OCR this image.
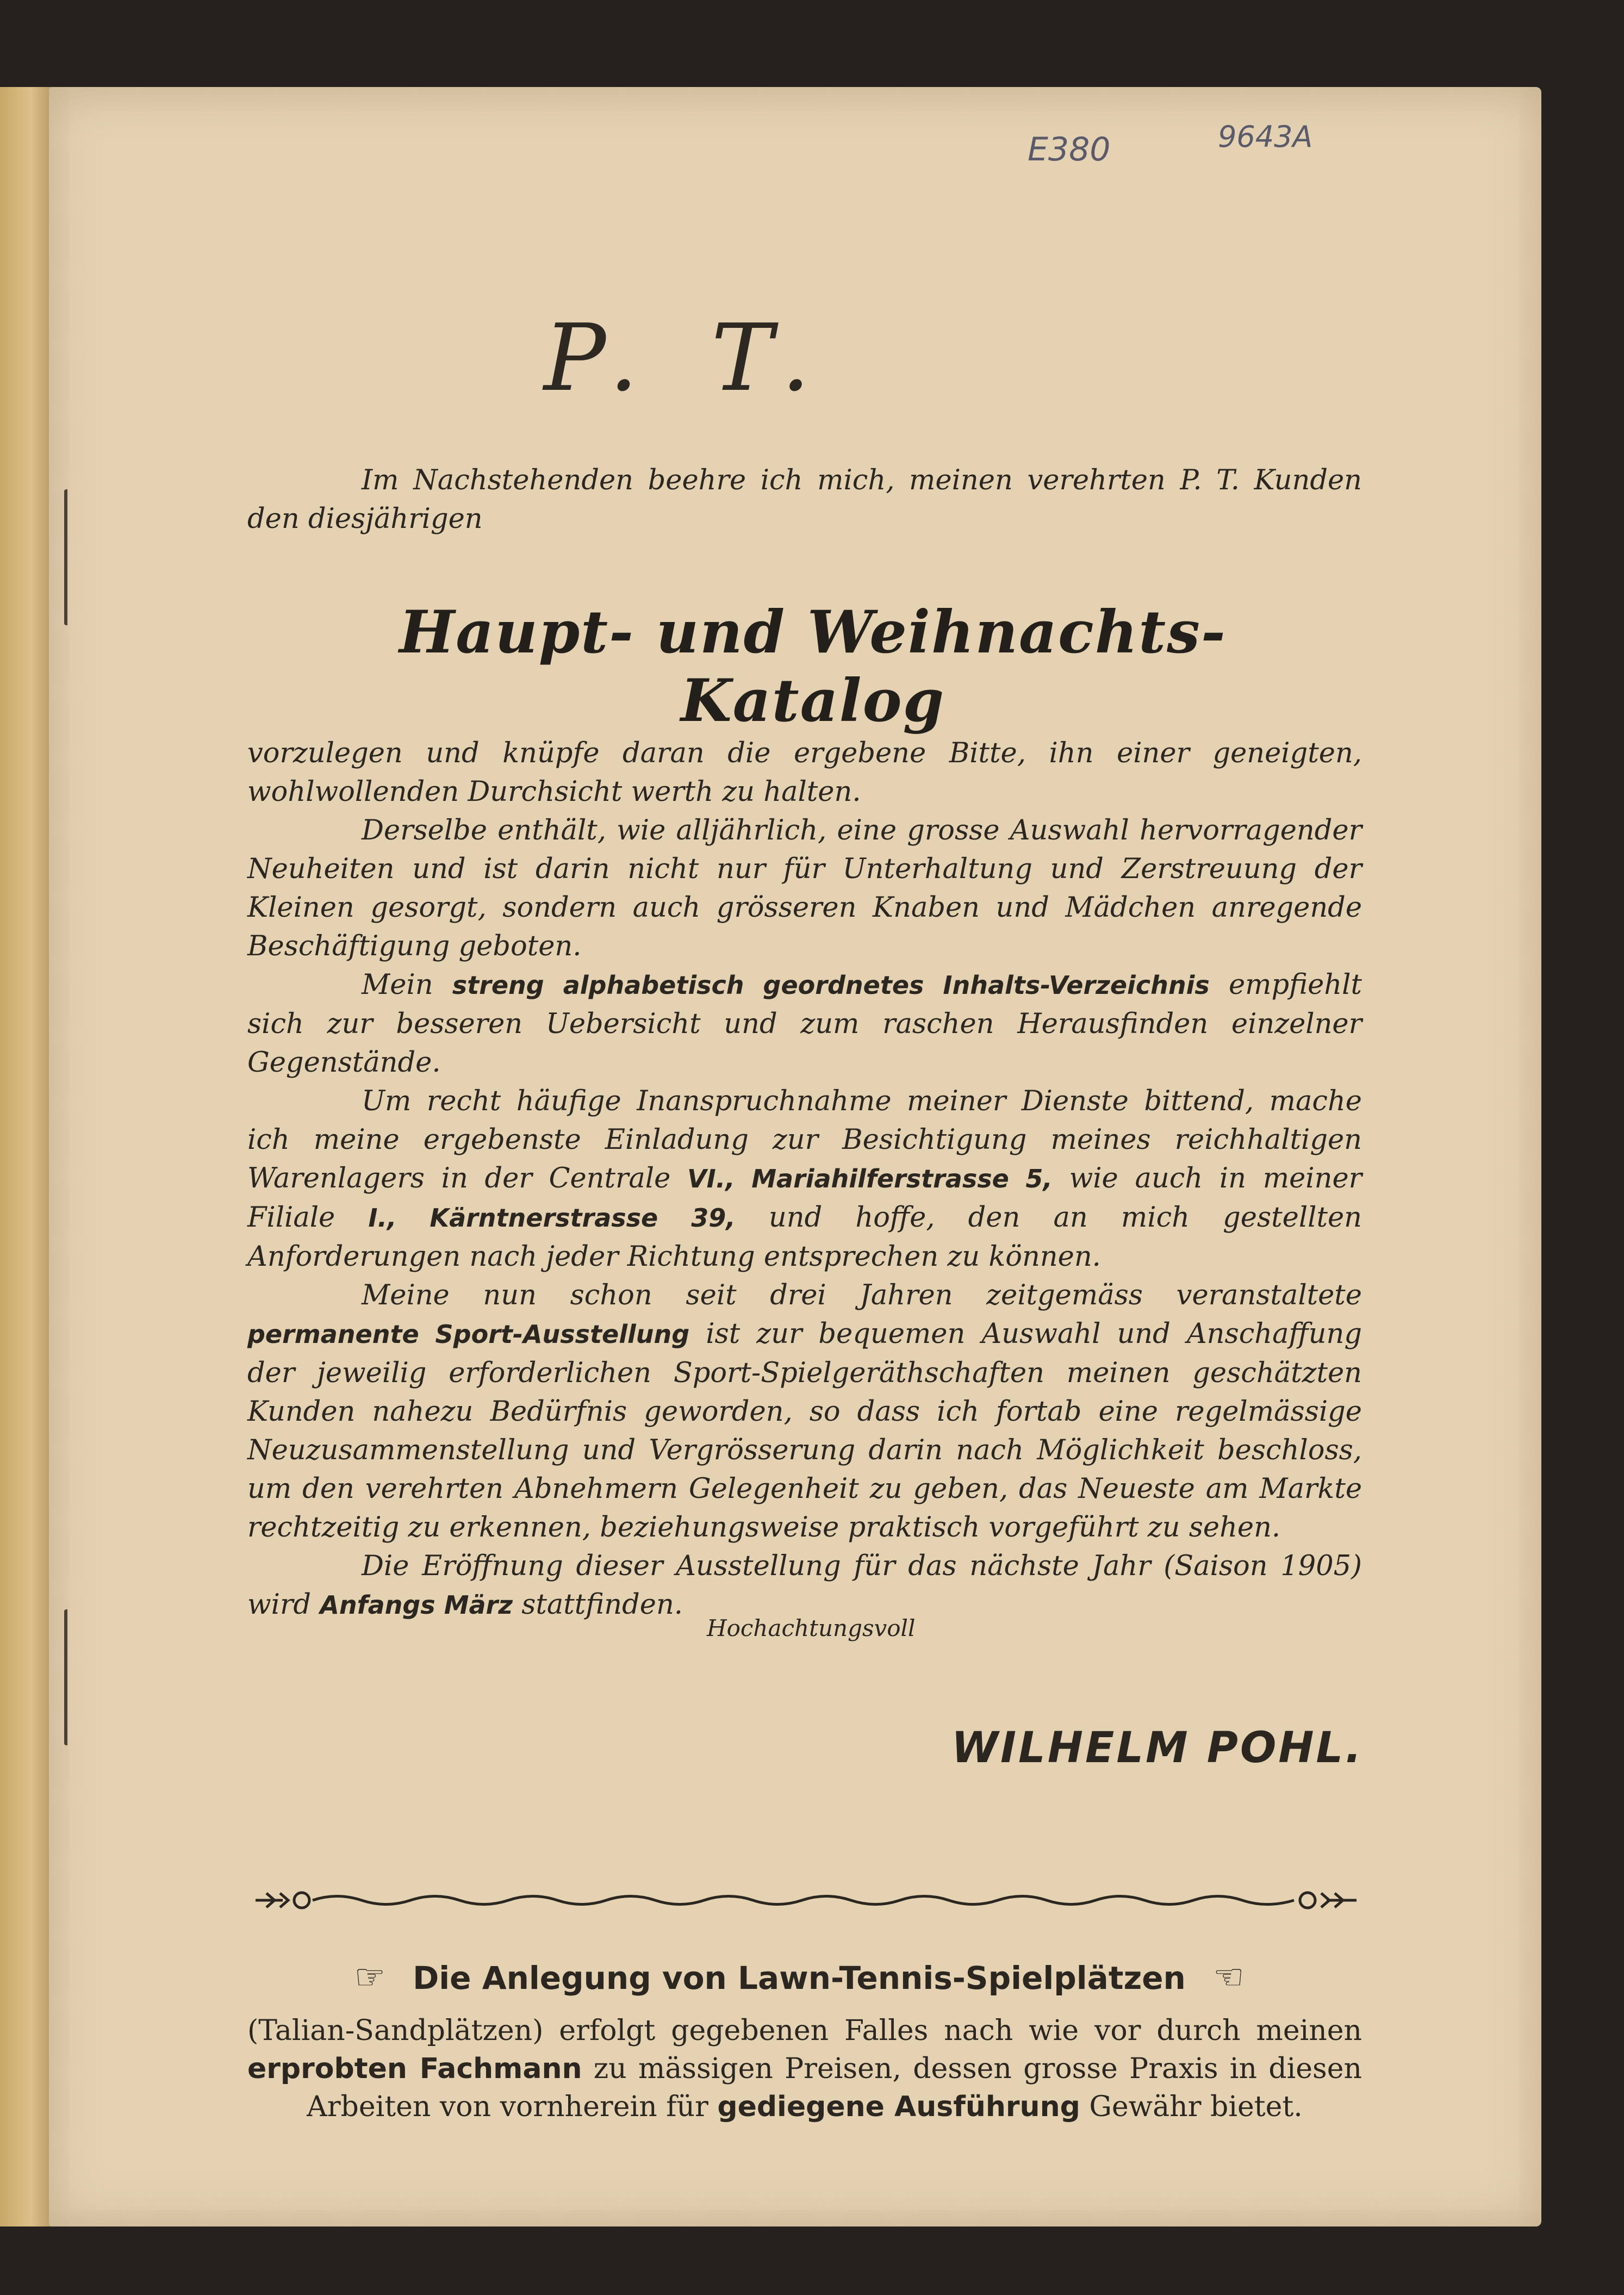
E380	9643A
P. T.
Im Nachstehenden beehre ich mich, meinen verehrten P. T. Kunden den diesjährigen
Haupt- und Weihnachts-Katalog

vorzulegen und knüpfe daran die ergebene Bitte, ihn einer geneigten, wohlwollenden Durchsicht werth zu halten.

Derselbe enthält, wie alljährlich, eine grosse Auswahl hervorragender Neuheiten und ist darin nicht nur für Unterhaltung und Zerstreuung der Kleinen gesorgt, sondern auch grösseren Knaben und Mädchen anregende Beschäftigung geboten.

Mein streng alphabetisch geordnetes Inhalts-Verzeichnis empfiehlt sich zur besseren Uebersicht und zum raschen Herausfinden einzelner Gegenstände.

Um recht häufige Inanspruchnahme meiner Dienste bittend, mache ich meine ergebenste Einladung zur Besichtigung meines reichhaltigen Warenlagers in der Centrale VI., Mariahilferstrasse 5, wie auch in meiner Filiale I., Kärntnerstrasse 39, und hoffe, den an mich gestellten Anforderungen nach jeder Richtung entsprechen zu können.

Meine nun schon seit drei Jahren zeitgemäss veranstaltete permanente Sport-Ausstellung ist zur bequemen Auswahl und Anschaffung der jeweilig erforderlichen Sport-Spielgeräthschaften meinen geschätzten Kunden nahezu Bedürfnis geworden, so dass ich fortab eine regelmässige Neuzusammenstellung und Vergrösserung darin nach Möglichkeit beschloss, um den verehrten Abnehmern Gelegenheit zu geben, das Neueste am Markte rechtzeitig zu erkennen, beziehungsweise praktisch vorgeführt zu sehen.

Die Eröffnung dieser Ausstellung für das nächste Jahr (Saison 1905) wird Anfangs März stattfinden.

Hochachtungsvoll
WILHELM POHL.
☞ Die Anlegung von Lawn-Tennis-Spielplätzen ☜
(Talian-Sandplätzen) erfolgt gegebenen Falles nach wie vor durch meinen erprobten Fachmann zu mässigen Preisen, dessen grosse Praxis in diesen Arbeiten von vornherein für gediegene Ausführung Gewähr bietet.
